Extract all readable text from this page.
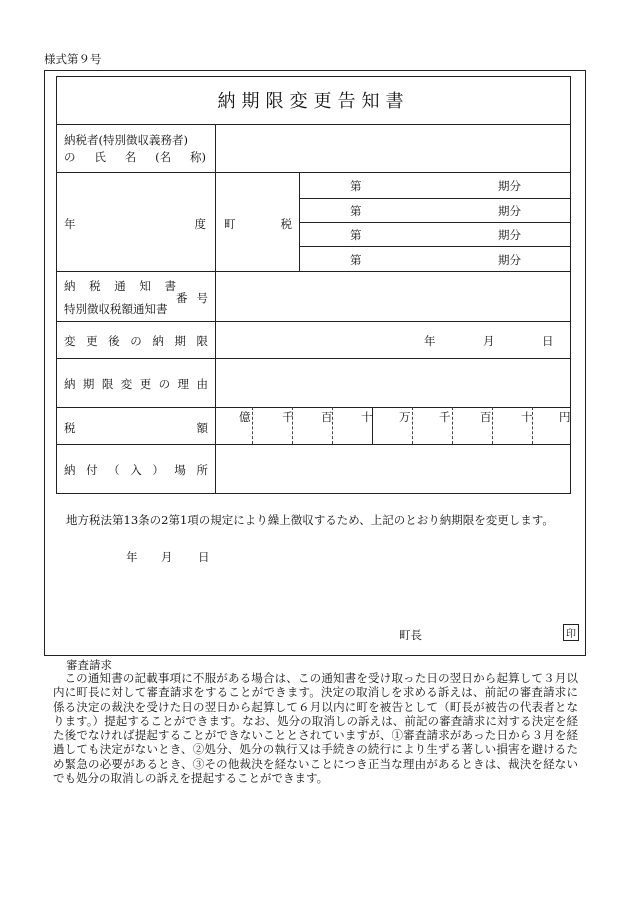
様式第９号
納期限変更告知書
納税者(特別徴収義務者)
の 氏 名 (名 称)
年	度 町	税
第	期分
第	期分
第	期分
第	期分
納 税 通 知 書
特別徴収税額通知書
番 号
変 更 後 の 納 期 限	年	月	日
納 期 限 変 更 の 理 由
税	額
億	千 百 十 万 千	百	十 円
納 付 （ 入 ） 場 所
地方税法第13条の2第1項の規定により繰上徴収するため、上記のとおり納期限を変更します。
年 月 日
町長	印
審査請求
この通知書の記載事項に不服がある場合は、この通知書を受け取った日の翌日から起算して３月以内に町長に対して審査請求をすることができます。決定の取消しを求める訴えは、前記の審査請求に係る決定の裁決を受けた日の翌日から起算して６月以内に町を被告として（町長が被告の代表者となります。）提起することができます。なお、処分の取消しの訴えは、前記の審査請求に対する決定を経た後でなければ提起することができないこととされていますが、①審査請求があった日から３月を経過しても決定がないとき、②処分、処分の執行又は手続きの続行により生ずる著しい損害を避けるため緊急の必要があるとき、③その他裁決を経ないことにつき正当な理由があるときは、裁決を経ないでも処分の取消しの訴えを提起することができます。
